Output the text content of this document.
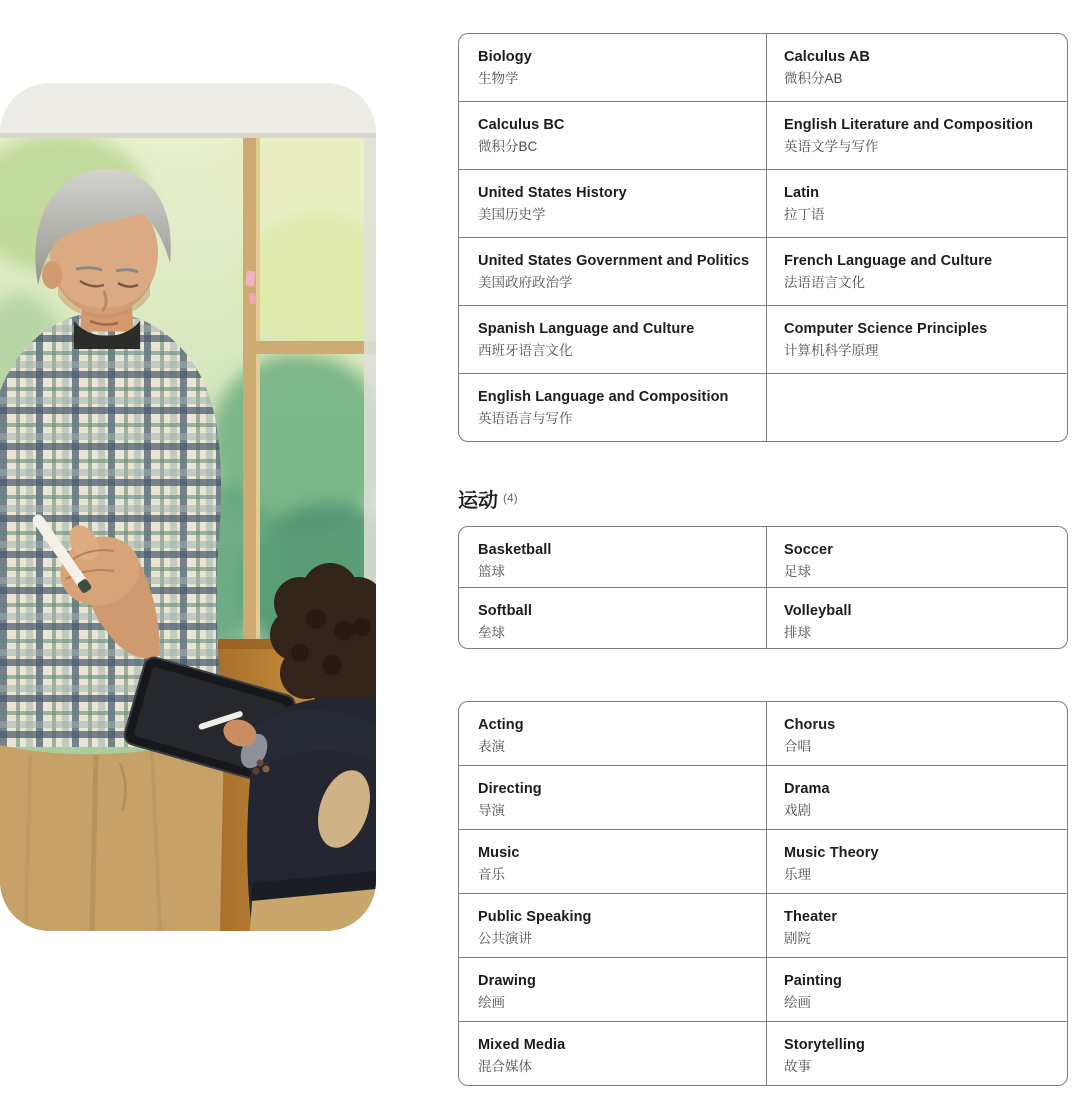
Biology
生物学
Calculus AB
微积分AB
Calculus BC
微积分BC
English Literature and Composition
英语文学与写作
United States History
美国历史学
Latin
拉丁语
United States Government and Politics
美国政府政治学
French Language and Culture
法语语言文化
Spanish Language and Culture
西班牙语言文化
Computer Science Principles
计算机科学原理
English Language and Composition
英语语言与写作
运动 $^{(4)}$
Basketball
篮球
Soccer
足球
Softball
垒球
Volleyball
排球
Acting
表演
Chorus
合唱
Directing
导演
Drama
戏剧
Music
音乐
Music Theory
乐理
Public Speaking
公共演讲
Theater
剧院
Drawing
绘画
Painting
绘画
Mixed Media
混合媒体
Storytelling
故事
